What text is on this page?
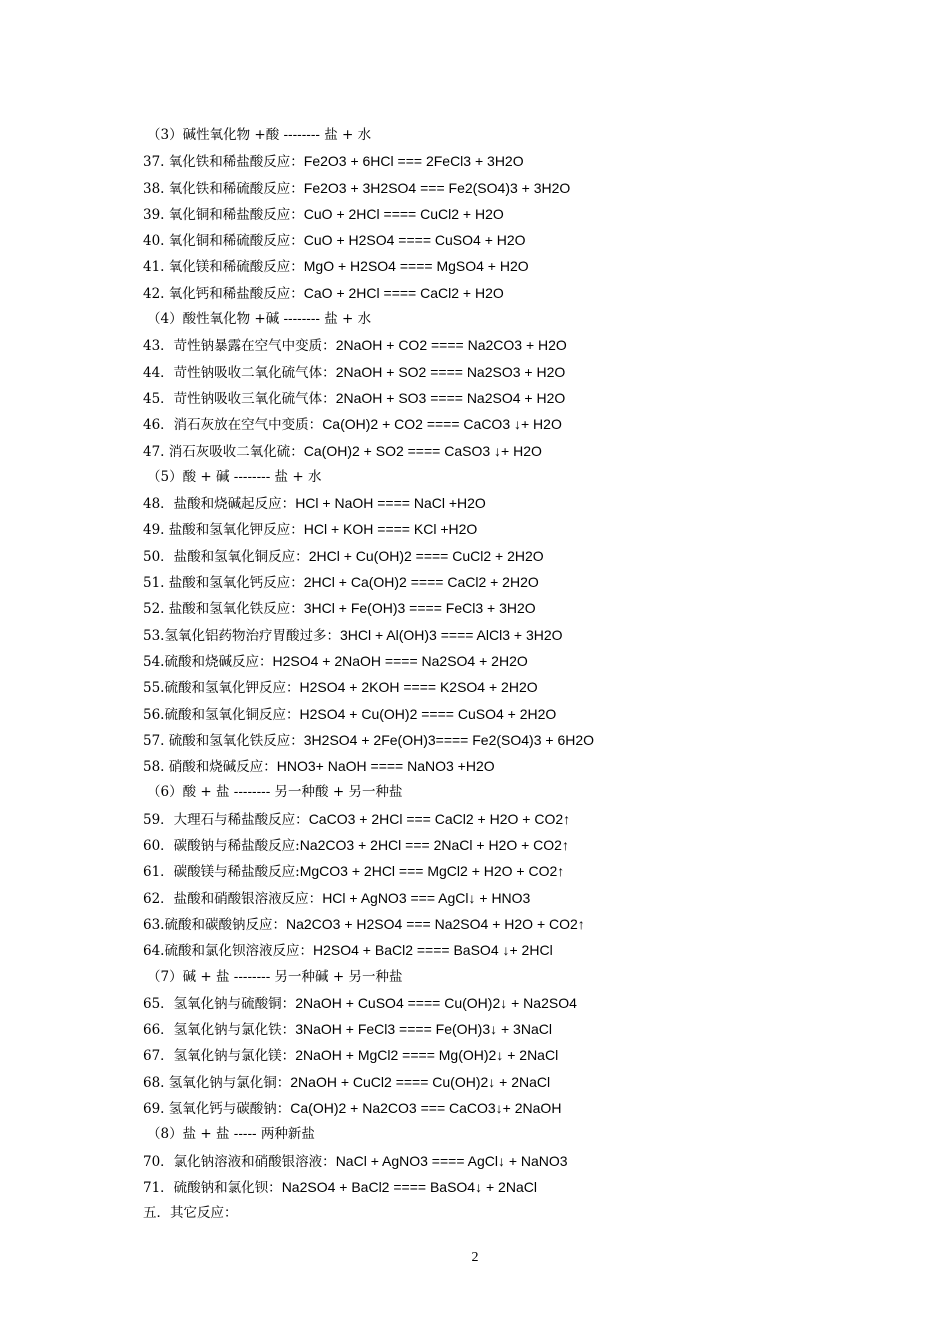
（3）碱性氧化物 +酸 -------- 盐 + 水
37. 氧化铁和稀盐酸反应：Fe2O3 + 6HCl === 2FeCl3 + 3H2O
38. 氧化铁和稀硫酸反应：Fe2O3 + 3H2SO4 === Fe2(SO4)3 + 3H2O
39. 氧化铜和稀盐酸反应：CuO + 2HCl ==== CuCl2 + H2O
40. 氧化铜和稀硫酸反应：CuO + H2SO4 ==== CuSO4 + H2O
41. 氧化镁和稀硫酸反应：MgO + H2SO4 ==== MgSO4 + H2O
42. 氧化钙和稀盐酸反应：CaO + 2HCl ==== CaCl2 + H2O
（4）酸性氧化物 +碱 -------- 盐 + 水
43．苛性钠暴露在空气中变质：2NaOH + CO2 ==== Na2CO3 + H2O
44．苛性钠吸收二氧化硫气体：2NaOH + SO2 ==== Na2SO3 + H2O
45．苛性钠吸收三氧化硫气体：2NaOH + SO3 ==== Na2SO4 + H2O
46．消石灰放在空气中变质：Ca(OH)2 + CO2 ==== CaCO3 ↓+ H2O
47. 消石灰吸收二氧化硫：Ca(OH)2 + SO2 ==== CaSO3 ↓+ H2O
（5）酸 + 碱 -------- 盐 + 水
48．盐酸和烧碱起反应：HCl + NaOH ==== NaCl +H2O
49. 盐酸和氢氧化钾反应：HCl + KOH ==== KCl +H2O
50．盐酸和氢氧化铜反应：2HCl + Cu(OH)2 ==== CuCl2 + 2H2O
51. 盐酸和氢氧化钙反应：2HCl + Ca(OH)2 ==== CaCl2 + 2H2O
52. 盐酸和氢氧化铁反应：3HCl + Fe(OH)3 ==== FeCl3 + 3H2O
53.氢氧化铝药物治疗胃酸过多：3HCl + Al(OH)3 ==== AlCl3 + 3H2O
54.硫酸和烧碱反应：H2SO4 + 2NaOH ==== Na2SO4 + 2H2O
55.硫酸和氢氧化钾反应：H2SO4 + 2KOH ==== K2SO4 + 2H2O
56.硫酸和氢氧化铜反应：H2SO4 + Cu(OH)2 ==== CuSO4 + 2H2O
57. 硫酸和氢氧化铁反应：3H2SO4 + 2Fe(OH)3==== Fe2(SO4)3 + 6H2O
58. 硝酸和烧碱反应：HNO3+ NaOH ==== NaNO3 +H2O
（6）酸 + 盐 -------- 另一种酸 + 另一种盐
59．大理石与稀盐酸反应：CaCO3 + 2HCl === CaCl2 + H2O + CO2↑
60．碳酸钠与稀盐酸反应:Na2CO3 + 2HCl === 2NaCl + H2O + CO2↑
61．碳酸镁与稀盐酸反应:MgCO3 + 2HCl === MgCl2 + H2O + CO2↑
62．盐酸和硝酸银溶液反应：HCl + AgNO3 === AgCl↓ + HNO3
63.硫酸和碳酸钠反应：Na2CO3 + H2SO4 === Na2SO4 + H2O + CO2↑
64.硫酸和氯化钡溶液反应：H2SO4 + BaCl2 ==== BaSO4 ↓+ 2HCl
（7）碱 + 盐 -------- 另一种碱 + 另一种盐
65．氢氧化钠与硫酸铜：2NaOH + CuSO4 ==== Cu(OH)2↓ + Na2SO4
66．氢氧化钠与氯化铁：3NaOH + FeCl3 ==== Fe(OH)3↓ + 3NaCl
67．氢氧化钠与氯化镁：2NaOH + MgCl2 ==== Mg(OH)2↓ + 2NaCl
68. 氢氧化钠与氯化铜：2NaOH + CuCl2 ==== Cu(OH)2↓ + 2NaCl
69. 氢氧化钙与碳酸钠：Ca(OH)2 + Na2CO3 === CaCO3↓+ 2NaOH
（8）盐 + 盐 ----- 两种新盐
70．氯化钠溶液和硝酸银溶液：NaCl + AgNO3 ==== AgCl↓ + NaNO3
71．硫酸钠和氯化钡：Na2SO4 + BaCl2 ==== BaSO4↓ + 2NaCl
五．其它反应：
2
